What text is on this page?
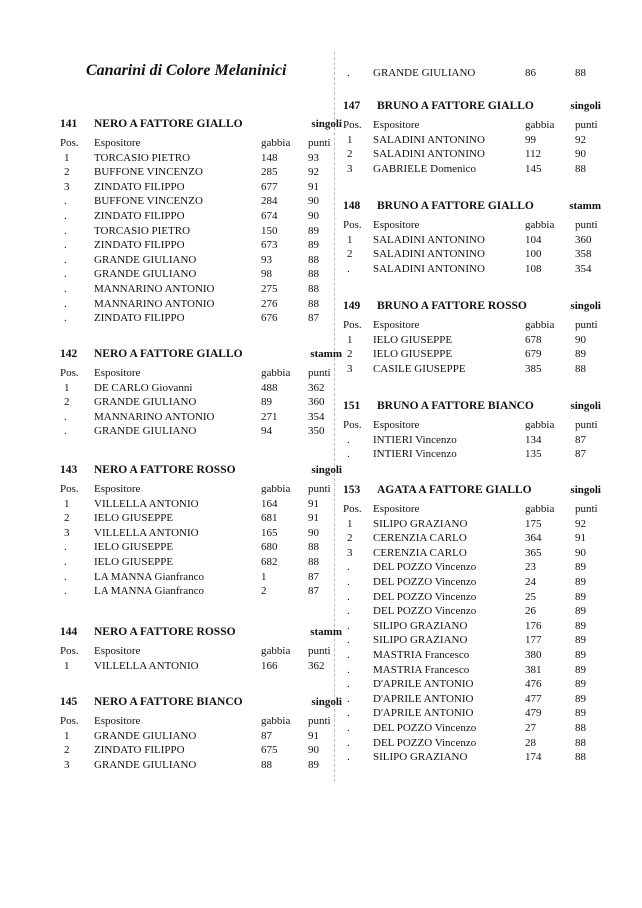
Canarini di Colore Melaninici
141	NERO A FATTORE GIALLO	singoli
Pos.	Espositore	gabbia	punti
1	TORCASIO PIETRO	148	93
2	BUFFONE VINCENZO	285	92
3	ZINDATO FILIPPO	677	91
.	BUFFONE VINCENZO	284	90
.	ZINDATO FILIPPO	674	90
.	TORCASIO PIETRO	150	89
.	ZINDATO FILIPPO	673	89
.	GRANDE GIULIANO	93	88
.	GRANDE GIULIANO	98	88
.	MANNARINO ANTONIO	275	88
.	MANNARINO ANTONIO	276	88
.	ZINDATO FILIPPO	676	87
142	NERO A FATTORE GIALLO	stamm
Pos.	Espositore	gabbia	punti
1	DE CARLO Giovanni	488	362
2	GRANDE GIULIANO	89	360
.	MANNARINO ANTONIO	271	354
.	GRANDE GIULIANO	94	350
143	NERO A FATTORE ROSSO	singoli
Pos.	Espositore	gabbia	punti
1	VILLELLA ANTONIO	164	91
2	IELO GIUSEPPE	681	91
3	VILLELLA ANTONIO	165	90
.	IELO GIUSEPPE	680	88
.	IELO GIUSEPPE	682	88
.	LA MANNA Gianfranco	1	87
.	LA MANNA Gianfranco	2	87
144	NERO A FATTORE ROSSO	stamm
Pos.	Espositore	gabbia	punti
1	VILLELLA ANTONIO	166	362
145	NERO A FATTORE BIANCO	singoli
Pos.	Espositore	gabbia	punti
1	GRANDE GIULIANO	87	91
2	ZINDATO FILIPPO	675	90
3	GRANDE GIULIANO	88	89
.	GRANDE GIULIANO	86	88
147	BRUNO A FATTORE GIALLO	singoli
Pos.	Espositore	gabbia	punti
1	SALADINI ANTONINO	99	92
2	SALADINI ANTONINO	112	90
3	GABRIELE Domenico	145	88
148	BRUNO A FATTORE GIALLO	stamm
Pos.	Espositore	gabbia	punti
1	SALADINI ANTONINO	104	360
2	SALADINI ANTONINO	100	358
.	SALADINI ANTONINO	108	354
149	BRUNO A FATTORE ROSSO	singoli
Pos.	Espositore	gabbia	punti
1	IELO GIUSEPPE	678	90
2	IELO GIUSEPPE	679	89
3	CASILE GIUSEPPE	385	88
151	BRUNO A FATTORE BIANCO	singoli
Pos.	Espositore	gabbia	punti
.	INTIERI Vincenzo	134	87
.	INTIERI Vincenzo	135	87
153	AGATA A FATTORE GIALLO	singoli
Pos.	Espositore	gabbia	punti
1	SILIPO GRAZIANO	175	92
2	CERENZIA CARLO	364	91
3	CERENZIA CARLO	365	90
.	DEL POZZO Vincenzo	23	89
.	DEL POZZO Vincenzo	24	89
.	DEL POZZO Vincenzo	25	89
.	DEL POZZO Vincenzo	26	89
.	SILIPO GRAZIANO	176	89
.	SILIPO GRAZIANO	177	89
.	MASTRIA Francesco	380	89
.	MASTRIA Francesco	381	89
.	D'APRILE ANTONIO	476	89
.	D'APRILE ANTONIO	477	89
.	D'APRILE ANTONIO	479	89
.	DEL POZZO Vincenzo	27	88
.	DEL POZZO Vincenzo	28	88
.	SILIPO GRAZIANO	174	88
